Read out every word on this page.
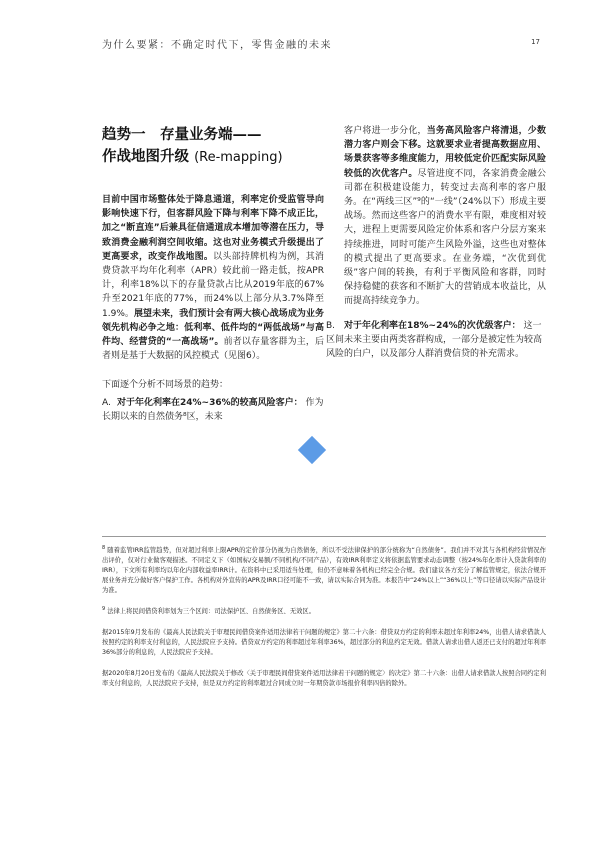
为什么要紧：不确定时代下，零售金融的未来	17
趋势一　存量业务端——
作战地图升级 (Re-mapping)

目前中国市场整体处于降息通道，利率定价受监管导向影响快速下行，但客群风险下降与利率下降不成正比，加之“断直连”后兼具征信通道成本增加等潜在压力，导致消费金融利润空间收缩。这也对业务模式升级提出了更高要求，改变作战地图。以头部持牌机构为例，其消费贷款平均年化利率（APR）较此前一路走低，按APR计，利率18%以下的存量贷款占比从2019年底的67%升至2021年底的77%，而24%以上部分从3.7%降至1.9%。展望未来，我们预计会有两大核心战场成为业务领先机构必争之地：低利率、低件均的“两低战场”与高件均、经营贷的“一高战场”。前者以存量客群为主，后者则是基于大数据的风控模式（见图6）。

下面逐个分析不同场景的趋势：
A. 对于年化利率在24%~36%的较高风险客户： 作为长期以来的自然债务⁸区，未来

客户将进一步分化，当务高风险客户将清退，少数潜力客户则会下移。这就要求业者提高数据应用、场景获客等多维度能力，用较低定价匹配实际风险较低的次优客户。尽管进度不同，各家消费金融公司都在积极建设能力，转变过去高利率的客户服务。在“两线三区”⁹的“一线”（24%以下）形成主要战场。然而这些客户的消费水平有限，难度相对较大，进程上更需要风险定价体系和客户分层方案来持续推进，同时可能产生风险外溢，这些也对整体的模式提出了更高要求。在业务端，“次优到优级”客户间的转换，有利于平衡风险和客群，同时保持稳健的获客和不断扩大的营销成本收益比，从而提高持续竞争力。

B. 对于年化利率在18%~24%的次优级客户： 这一区间未来主要由两类客群构成，一部分是被定性为较高风险的白户，以及部分人群消费信贷的补充需求。

$^8$ 随着监管IRR监管趋势，但对超过利率上限APR的定价部分仍视为自然债务，所以不受法律保护的部分统称为“自然债务”。我们并不对其与各机构经营情况作出评价，仅对行业做客观描述。不同定义下（如国标/交易额/不同机构/不同产品），有效IRR利率定义将依据监管要求动态调整（按24%年化率计入贷款利率的IRR），下文所有利率均以年化内部收益率IRR计。在资料中已采用适当处理，但仍不意味着各机构已经完全合规。我们建议各方充分了解监管规定，依法合规开展业务并充分做好客户保护工作。各机构对外宣传的APR及IRR口径可能不一致，请以实际合同为准。本报告中“24%以上”“36%以上”等口径请以实际产品设计为准。

$^9$ 法律上将民间借贷利率划为三个区间：司法保护区、自然债务区、无效区。

据2015年9月发布的《最高人民法院关于审理民间借贷案件适用法律若干问题的规定》第二十六条：借贷双方约定的利率未超过年利率24%，出借人请求借款人按照约定的利率支付利息的，人民法院应予支持。借贷双方约定的利率超过年利率36%，超过部分的利息约定无效。借款人请求出借人返还已支付的超过年利率36%部分的利息的，人民法院应予支持。

据2020年8月20日发布的《最高人民法院关于修改〈关于审理民间借贷案件适用法律若干问题的规定〉的决定》第二十六条：出借人请求借款人按照合同约定利率支付利息的，人民法院应予支持，但是双方约定的利率超过合同成立时一年期贷款市场报价利率四倍的除外。
